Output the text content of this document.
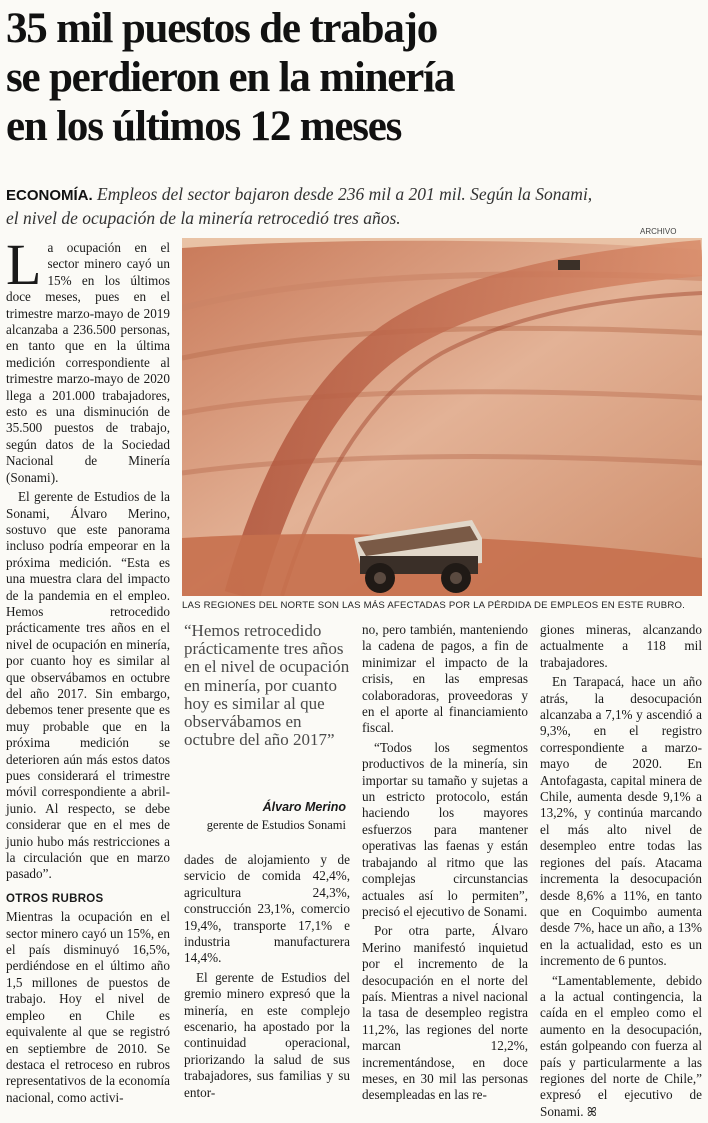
35 mil puestos de trabajo
se perdieron en la minería
en los últimos 12 meses
ECONOMÍA. Empleos del sector bajaron desde 236 mil a 201 mil. Según la Sonami,
el nivel de ocupación de la minería retrocedió tres años.
ARCHIVO
LAS REGIONES DEL NORTE SON LAS MÁS AFECTADAS POR LA PÉRDIDA DE EMPLEOS EN ESTE RUBRO.

La ocupación en el sector minero cayó un 15% en los últimos doce meses, pues en el trimestre marzo-mayo de 2019 alcanzaba a 236.500 personas, en tanto que en la última medición correspondiente al trimestre marzo-mayo de 2020 llega a 201.000 trabajadores, esto es una disminución de 35.500 puestos de trabajo, según datos de la Sociedad Nacional de Minería (Sonami).

El gerente de Estudios de la Sonami, Álvaro Merino, sostuvo que este panorama incluso podría empeorar en la próxima medición. “Esta es una muestra clara del impacto de la pandemia en el empleo. Hemos retrocedido prácticamente tres años en el nivel de ocupación en minería, por cuanto hoy es similar al que observábamos en octubre del año 2017. Sin embargo, debemos tener presente que es muy probable que en la próxima medición se deterioren aún más estos datos pues considerará el trimestre móvil correspondiente a abril-junio. Al respecto, se debe considerar que en el mes de junio hubo más restricciones a la circulación que en marzo pasado”.

OTROS RUBROS

Mientras la ocupación en el sector minero cayó un 15%, en el país disminuyó 16,5%, perdiéndose en el último año 1,5 millones de puestos de trabajo. Hoy el nivel de empleo en Chile es equivalente al que se registró en septiembre de 2010. Se destaca el retroceso en rubros representativos de la economía nacional, como activi-

“Hemos retrocedido prácticamente tres años en el nivel de ocupación en minería, por cuanto hoy es similar al que observábamos en octubre del año 2017”
Álvaro Merino
gerente de Estudios Sonami

dades de alojamiento y de servicio de comida 42,4%, agricultura 24,3%, construcción 23,1%, comercio 19,4%, transporte 17,1% e industria manufacturera 14,4%.

El gerente de Estudios del gremio minero expresó que la minería, en este complejo escenario, ha apostado por la continuidad operacional, priorizando la salud de sus trabajadores, sus familias y su entor-

no, pero también, manteniendo la cadena de pagos, a fin de minimizar el impacto de la crisis, en las empresas colaboradoras, proveedoras y en el aporte al financiamiento fiscal.

“Todos los segmentos productivos de la minería, sin importar su tamaño y sujetas a un estricto protocolo, están haciendo los mayores esfuerzos para mantener operativas las faenas y están trabajando al ritmo que las complejas circunstancias actuales así lo permiten”, precisó el ejecutivo de Sonami.

Por otra parte, Álvaro Merino manifestó inquietud por el incremento de la desocupación en el norte del país. Mientras a nivel nacional la tasa de desempleo registra 11,2%, las regiones del norte marcan 12,2%, incrementándose, en doce meses, en 30 mil las personas desempleadas en las re-

giones mineras, alcanzando actualmente a 118 mil trabajadores.

En Tarapacá, hace un año atrás, la desocupación alcanzaba a 7,1% y ascendió a 9,3%, en el registro correspondiente a marzo-mayo de 2020. En Antofagasta, capital minera de Chile, aumenta desde 9,1% a 13,2%, y continúa marcando el más alto nivel de desempleo entre todas las regiones del país. Atacama incrementa la desocupación desde 8,6% a 11%, en tanto que en Coquimbo aumenta desde 7%, hace un año, a 13% en la actualidad, esto es un incremento de 6 puntos.

“Lamentablemente, debido a la actual contingencia, la caída en el empleo como el aumento en la desocupación, están golpeando con fuerza al país y particularmente a las regiones del norte de Chile,” expresó el ejecutivo de Sonami. ꕤ
